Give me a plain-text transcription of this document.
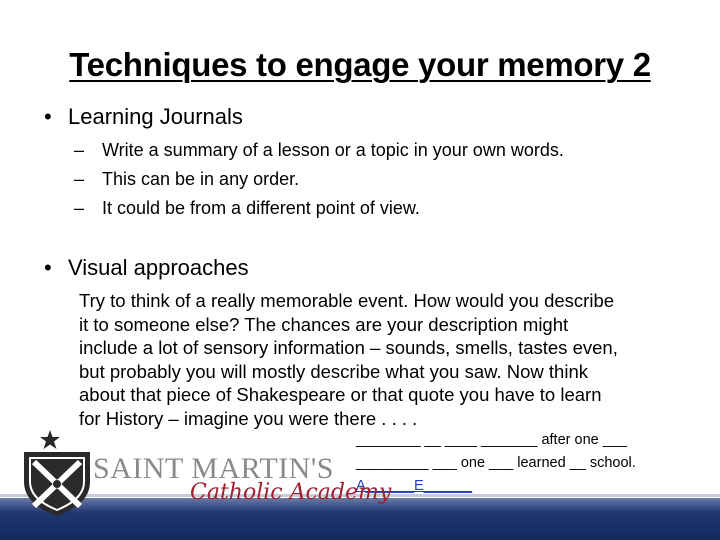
Techniques to engage your memory 2
• Learning Journals
– Write a summary of a lesson or a topic in your own words.
– This can be in any order.
– It could be from a different point of view.
• Visual approaches
Try to think of a really memorable event. How would you describe
it to someone else? The chances are your description might
include a lot of sensory information – sounds, smells, tastes even,
but probably you will mostly describe what you saw. Now think
about that piece of Shakespeare or that quote you have to learn
for History – imagine you were there . . . .
________ __ ____ _______ after one ___
_________ ___ one ___ learned __ school.
A______E______
SAINT MARTIN'S
Catholic Academy
